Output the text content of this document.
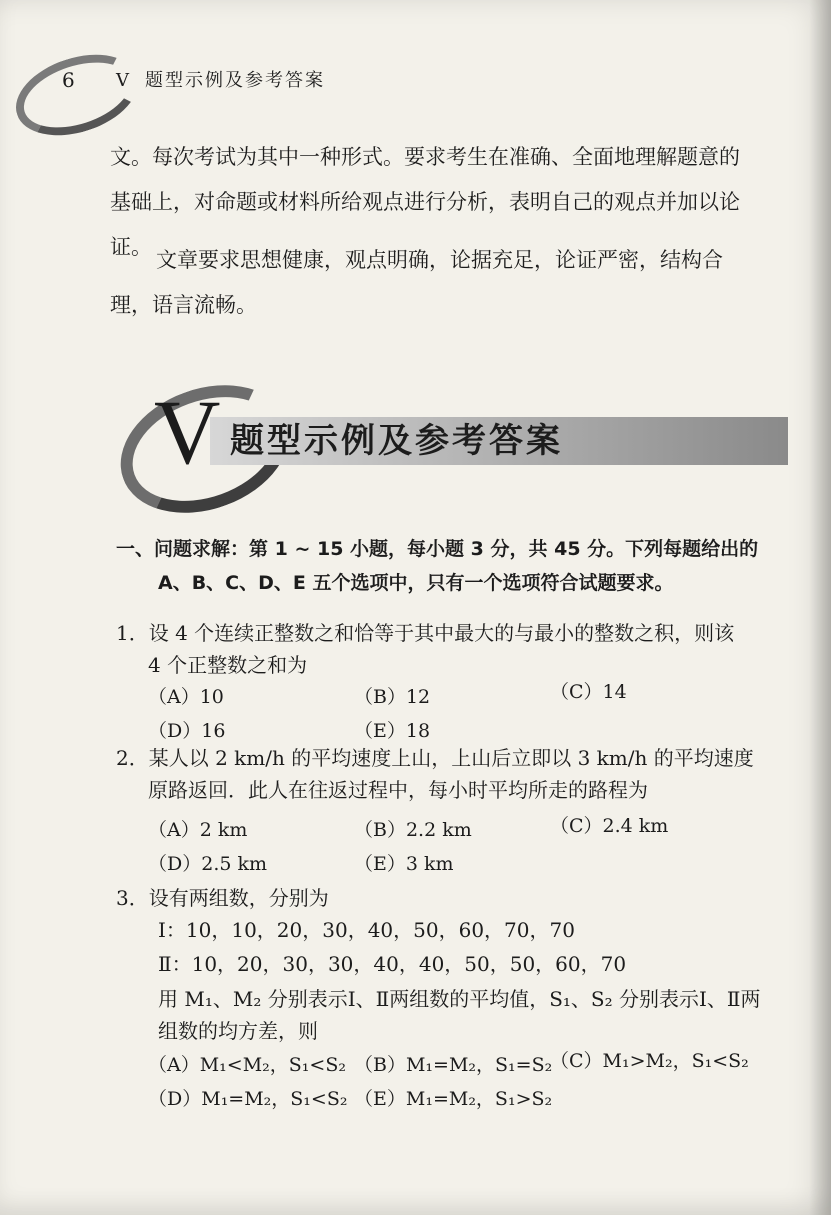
6 V 题型示例及参考答案
文。每次考试为其中一种形式。要求考生在准确、全面地理解题意的基础上，对命题或材料所给观点进行分析，表明自己的观点并加以论证。
文章要求思想健康，观点明确，论据充足，论证严密，结构合理，语言流畅。
V 题型示例及参考答案
一、问题求解：第 1 ~ 15 小题，每小题 3 分，共 45 分。下列每题给出的
A、B、C、D、E 五个选项中，只有一个选项符合试题要求。
1．设 4 个连续正整数之和恰等于其中最大的与最小的整数之积，则该
4 个正整数之和为
（A）10	（B）12	（C）14
（D）16	（E）18
2．某人以 2 km/h 的平均速度上山，上山后立即以 3 km/h 的平均速度
原路返回．此人在往返过程中，每小时平均所走的路程为
（A）2 km	（B）2.2 km	（C）2.4 km
（D）2.5 km	（E）3 km
3．设有两组数，分别为
Ⅰ：10，10，20，30，40，50，60，70，70
Ⅱ：10，20，30，30，40，40，50，50，60，70
用 M₁、M₂ 分别表示Ⅰ、Ⅱ两组数的平均值，S₁、S₂ 分别表示Ⅰ、Ⅱ两
组数的均方差，则
（A）M₁<M₂，S₁<S₂ （B）M₁=M₂，S₁=S₂
（C）M₁>M₂，S₁<S₂
（D）M₁=M₂，S₁<S₂ （E）M₁=M₂，S₁>S₂
